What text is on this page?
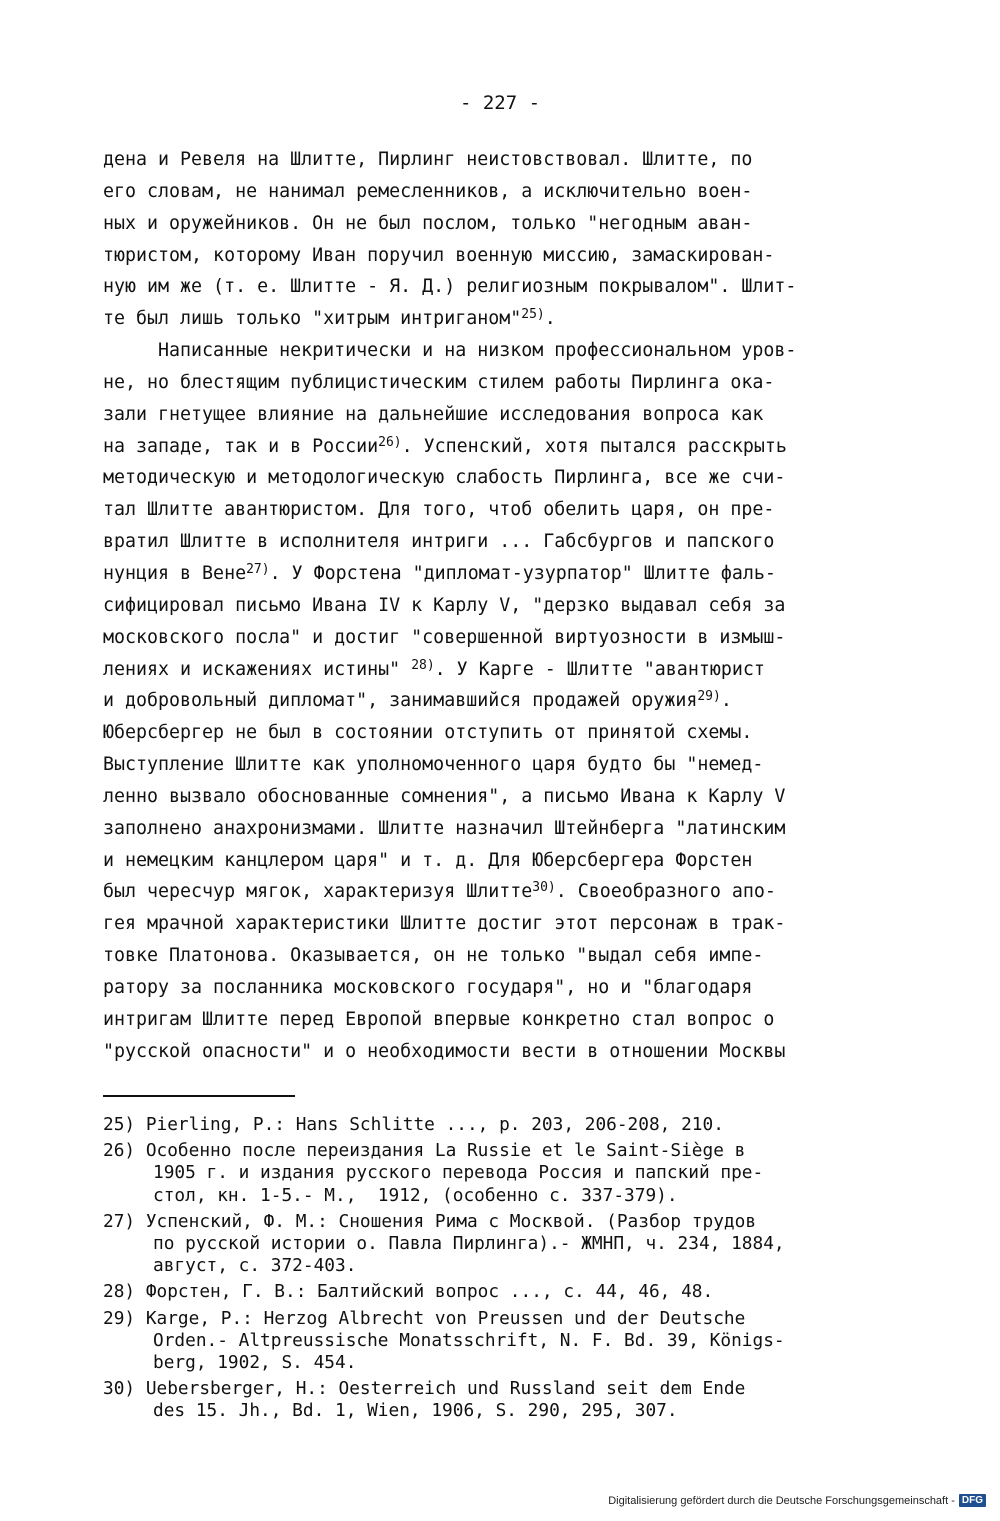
- 227 -
дена и Ревеля на Шлитте, Пирлинг неистовствовал. Шлитте, по
его словам, не нанимал ремесленников, а исключительно воен-
ных и оружейников. Он не был послом, только "негодным аван-
тюристом, которому Иван поручил военную миссию, замаскирован-
ную им же (т. е. Шлитте - Я. Д.) религиозным покрывалом". Шлит-
те был лишь только "хитрым интриганом"$^{25)}$.
Написанные некритически и на низком профессиональном уров-
не, но блестящим публицистическим стилем работы Пирлинга ока-
зали гнетущее влияние на дальнейшие исследования вопроса как
на западе, так и в России$^{26)}$. Успенский, хотя пытался расскрыть
методическую и методологическую слабость Пирлинга, все же счи-
тал Шлитте авантюристом. Для того, чтоб обелить царя, он пре-
вратил Шлитте в исполнителя интриги ... Габсбургов и папского
нунция в Вене$^{27)}$. У Форстена "дипломат-узурпатор" Шлитте фаль-
сифицировал письмо Ивана IV к Карлу V, "дерзко выдавал себя за
московского посла" и достиг "совершенной виртуозности в измыш-
лениях и искажениях истины" $^{28)}$. У Карге - Шлитте "авантюрист
и добровольный дипломат", занимавшийся продажей оружия$^{29)}$.
Юберсбергер не был в состоянии отступить от принятой схемы.
Выступление Шлитте как уполномоченного царя будто бы "немед-
ленно вызвало обоснованные сомнения", а письмо Ивана к Карлу V
заполнено анахронизмами. Шлитте назначил Штейнберга "латинским
и немецким канцлером царя" и т. д. Для Юберсбергера Форстен
был чересчур мягок, характеризуя Шлитте$^{30)}$. Своеобразного апо-
гея мрачной характеристики Шлитте достиг этот персонаж в трак-
товке Платонова. Оказывается, он не только "выдал себя импе-
ратору за посланника московского государя", но и "благодаря
интригам Шлитте перед Европой впервые конкретно стал вопрос о
"русской опасности" и о необходимости вести в отношении Москвы
25) Pierling, P.: Hans Schlitte ..., p. 203, 206-208, 210.
26) Особенно после переиздания La Russie et le Saint-Siège в
1905 г. и издания русского перевода Россия и папский пре-
стол, кн. 1-5.- М.,  1912, (особенно с. 337-379).
27) Успенский, Ф. М.: Сношения Рима с Москвой. (Разбор трудов
по русской истории о. Павла Пирлинга).- ЖМНП, ч. 234, 1884,
август, с. 372-403.
28) Форстен, Г. В.: Балтийский вопрос ..., с. 44, 46, 48.
29) Karge, P.: Herzog Albrecht von Preussen und der Deutsche
Orden.- Altpreussische Monatsschrift, N. F. Bd. 39, Königs-
berg, 1902, S. 454.
30) Uebersberger, H.: Oesterreich und Russland seit dem Ende
des 15. Jh., Bd. 1, Wien, 1906, S. 290, 295, 307.
Digitalisierung gefördert durch die Deutsche Forschungsgemeinschaft - DFG
